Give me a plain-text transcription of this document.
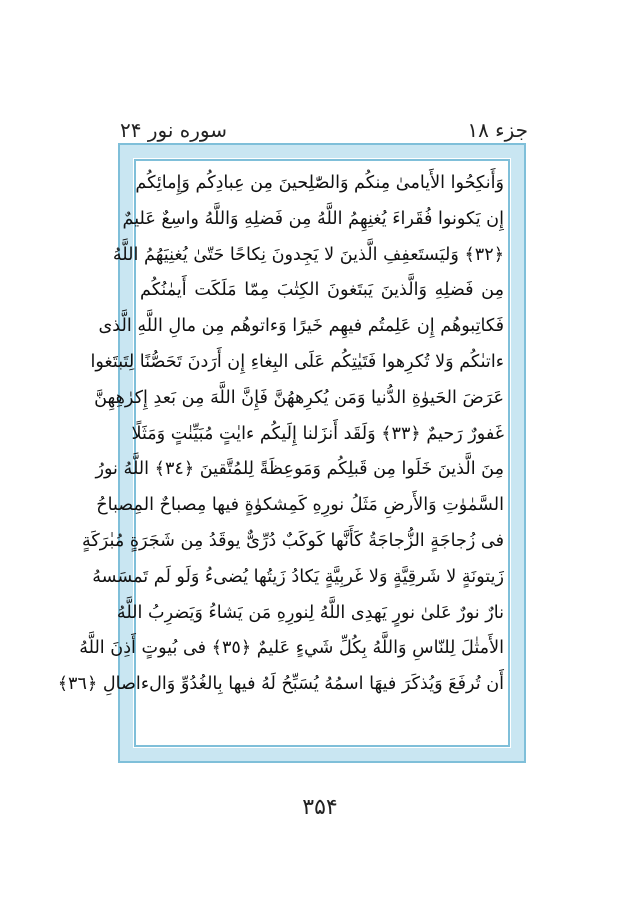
جزء ۱۸
سوره نور ۲۴
وَأَنكِحُوا الأَيامىٰ مِنكُم وَالصّٰلِحينَ مِن عِبادِكُم وَإِمائِكُم
إِن يَكونوا فُقَراءَ يُغنِهِمُ اللَّهُ مِن فَضلِهِ وَاللَّهُ واسِعٌ عَليمٌ
﴿٣٢﴾ وَليَستَعفِفِ الَّذينَ لا يَجِدونَ نِكاحًا حَتّىٰ يُغنِيَهُمُ اللَّهُ
مِن فَضلِهِ وَالَّذينَ يَبتَغونَ الكِتٰبَ مِمّا مَلَكَت أَيمٰنُكُم
فَكاتِبوهُم إِن عَلِمتُم فيهِم خَيرًا وَءاتوهُم مِن مالِ اللَّهِ الَّذى
ءاتىٰكُم وَلا تُكرِهوا فَتَيٰتِكُم عَلَى البِغاءِ إِن أَرَدنَ تَحَصُّنًا لِتَبتَغوا
عَرَضَ الحَيوٰةِ الدُّنيا وَمَن يُكرِههُنَّ فَإِنَّ اللَّهَ مِن بَعدِ إِكرٰهِهِنَّ
غَفورٌ رَحيمٌ ﴿٣٣﴾ وَلَقَد أَنزَلنا إِلَيكُم ءايٰتٍ مُبَيِّنٰتٍ وَمَثَلًا
مِنَ الَّذينَ خَلَوا مِن قَبلِكُم وَمَوعِظَةً لِلمُتَّقينَ ﴿٣٤﴾ اللَّهُ نورُ
السَّمٰوٰتِ وَالأَرضِ مَثَلُ نورِهِ كَمِشكوٰةٍ فيها مِصباحٌ المِصباحُ
فى زُجاجَةٍ الزُّجاجَةُ كَأَنَّها كَوكَبٌ دُرِّىٌّ يوقَدُ مِن شَجَرَةٍ مُبٰرَكَةٍ
زَيتونَةٍ لا شَرقِيَّةٍ وَلا غَربِيَّةٍ يَكادُ زَيتُها يُضىءُ وَلَو لَم تَمسَسهُ
نارٌ نورٌ عَلىٰ نورٍ يَهدِى اللَّهُ لِنورِهِ مَن يَشاءُ وَيَضرِبُ اللَّهُ
الأَمثٰلَ لِلنّاسِ وَاللَّهُ بِكُلِّ شَيءٍ عَليمٌ ﴿٣٥﴾ فى بُيوتٍ أَذِنَ اللَّهُ
أَن تُرفَعَ وَيُذكَرَ فيهَا اسمُهُ يُسَبِّحُ لَهُ فيها بِالغُدُوِّ وَالءاصالِ ﴿٣٦﴾
۳۵۴
